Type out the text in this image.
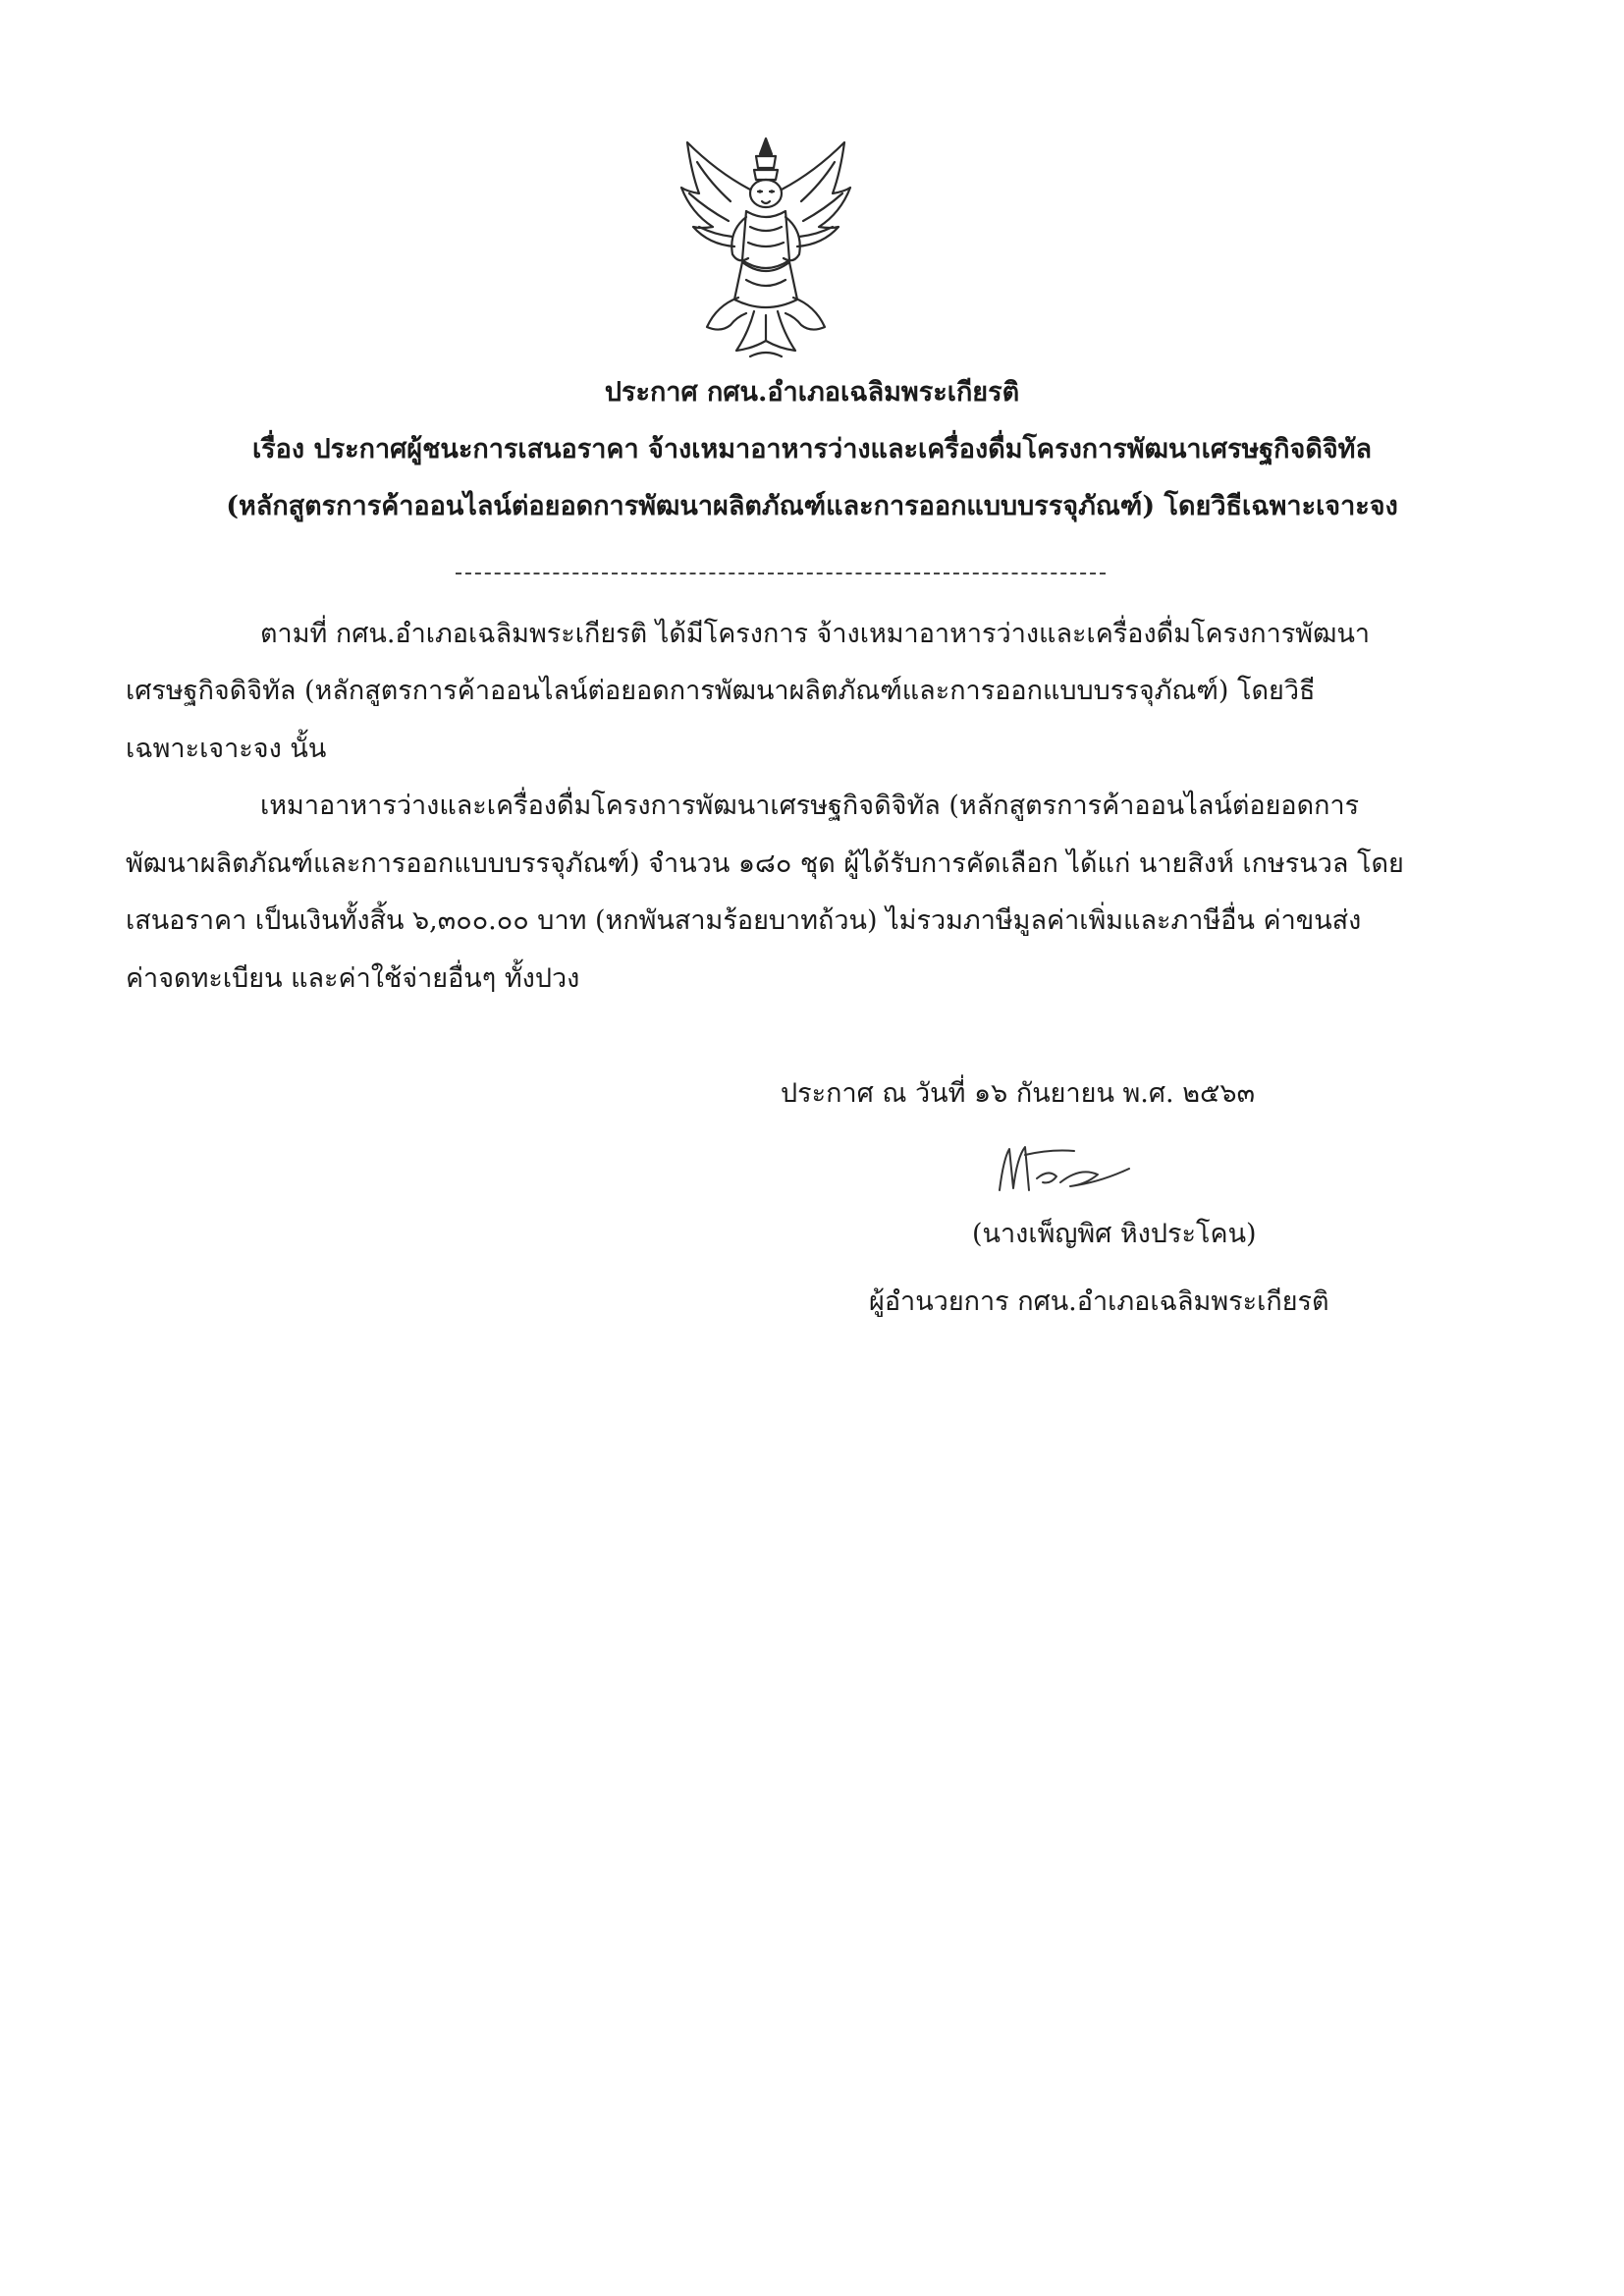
ประกาศ กศน.อำเภอเฉลิมพระเกียรติ
เรื่อง ประกาศผู้ชนะการเสนอราคา จ้างเหมาอาหารว่างและเครื่องดื่มโครงการพัฒนาเศรษฐกิจดิจิทัล
(หลักสูตรการค้าออนไลน์ต่อยอดการพัฒนาผลิตภัณฑ์และการออกแบบบรรจุภัณฑ์) โดยวิธีเฉพาะเจาะจง
ตามที่ กศน.อำเภอเฉลิมพระเกียรติ ได้มีโครงการ จ้างเหมาอาหารว่างและเครื่องดื่มโครงการพัฒนา
เศรษฐกิจดิจิทัล (หลักสูตรการค้าออนไลน์ต่อยอดการพัฒนาผลิตภัณฑ์และการออกแบบบรรจุภัณฑ์) โดยวิธี
เฉพาะเจาะจง นั้น
เหมาอาหารว่างและเครื่องดื่มโครงการพัฒนาเศรษฐกิจดิจิทัล (หลักสูตรการค้าออนไลน์ต่อยอดการ
พัฒนาผลิตภัณฑ์และการออกแบบบรรจุภัณฑ์) จำนวน ๑๘๐ ชุด ผู้ได้รับการคัดเลือก ได้แก่ นายสิงห์ เกษรนวล โดย
เสนอราคา เป็นเงินทั้งสิ้น ๖,๓๐๐.๐๐ บาท (หกพันสามร้อยบาทถ้วน) ไม่รวมภาษีมูลค่าเพิ่มและภาษีอื่น ค่าขนส่ง
ค่าจดทะเบียน และค่าใช้จ่ายอื่นๆ ทั้งปวง
ประกาศ ณ วันที่ ๑๖ กันยายน พ.ศ. ๒๕๖๓
(นางเพ็ญพิศ หิงประโคน)
ผู้อำนวยการ กศน.อำเภอเฉลิมพระเกียรติ
